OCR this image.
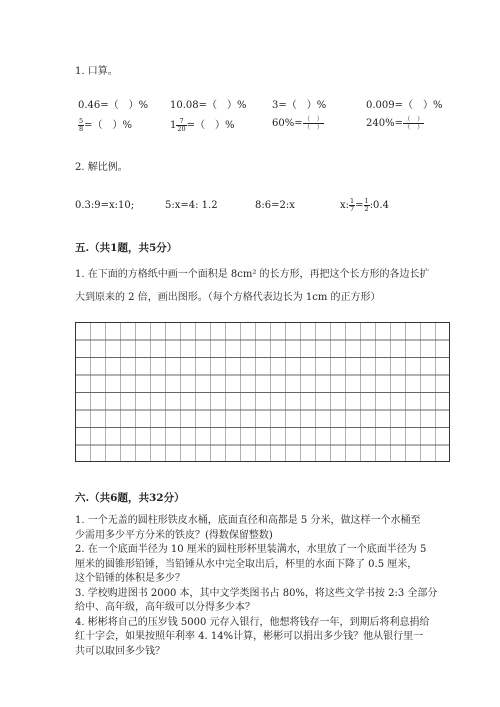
1. 口算。
0.46=（　）% 10.08=（　）%	3=（　）%	0.009=（　）%
$\frac{5}{8}$ =（　）%	$1 \frac{7}{20}$ =（　）%	$60\%= \frac{( )}{( )}$	$240\%= \frac{( )}{( )}$
2. 解比例。
0.3:9=x:10;	5:x=4: 1.2	8:6=2:x	x: $\frac{1}{7} = \frac{1}{2}$ :0.4
五.（共1题，共5分）
1. 在下面的方格纸中画一个面积是 8cm² 的长方形，再把这个长方形的各边长扩
大到原来的 2 倍，画出图形。（每个方格代表边长为 1cm 的正方形）
六.（共6题，共32分）
1. 一个无盖的圆柱形铁皮水桶，底面直径和高都是 5 分米，做这样一个水桶至
少需用多少平方分米的铁皮？(得数保留整数)
2. 在一个底面半径为 10 厘米的圆柱形杯里装满水，水里放了一个底面半径为 5
厘米的圆锥形铅锤，当铅锤从水中完全取出后，杯里的水面下降了 0.5 厘米，
这个铅锤的体积是多少？
3. 学校购进图书 2000 本，其中文学类图书占 80%，将这些文学书按 2:3 全部分
给中、高年级，高年级可以分得多少本？
4. 彬彬将自己的压岁钱 5000 元存入银行，他想将钱存一年，到期后将利息捐给
红十字会，如果按照年利率 4. 14%计算，彬彬可以捐出多少钱？他从银行里一
共可以取回多少钱？
